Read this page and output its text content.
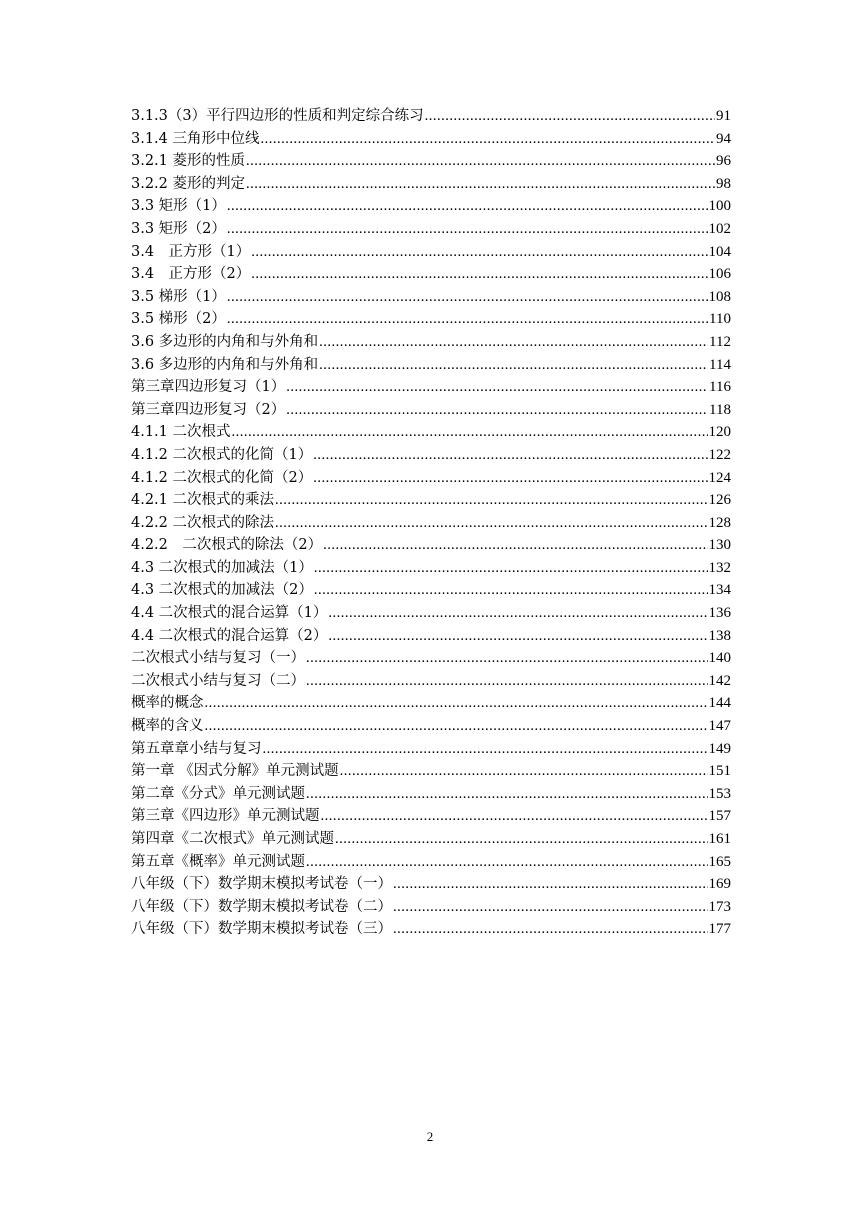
3.1.3（3）平行四边形的性质和判定综合练习 .....	91
3.1.4 三角形中位线 .....	94
3.2.1 菱形的性质 .....	96
3.2.2 菱形的判定 .....	98
3.3 矩形（1） .....	100
3.3 矩形（2） .....	102
3.4　正方形（1） .....	104
3.4　正方形（2） .....	106
3.5 梯形（1） .....	108
3.5 梯形（2） .....	110
3.6 多边形的内角和与外角和 .....	112
3.6 多边形的内角和与外角和 .....	114
第三章四边形复习（1） .....	116
第三章四边形复习（2） .....	118
4.1.1 二次根式 .....	120
4.1.2 二次根式的化简（1） .....	122
4.1.2 二次根式的化简（2） .....	124
4.2.1 二次根式的乘法 .....	126
4.2.2 二次根式的除法 .....	128
4.2.2　二次根式的除法（2） .....	130
4.3 二次根式的加减法（1） .....	132
4.3 二次根式的加减法（2） .....	134
4.4 二次根式的混合运算（1） .....	136
4.4 二次根式的混合运算（2） .....	138
二次根式小结与复习（一） .....	140
二次根式小结与复习（二） .....	142
概率的概念 .....	144
概率的含义 .....	147
第五章章小结与复习 .....	149
第一章 《因式分解》单元测试题 .....	151
第二章《分式》单元测试题 .....	153
第三章《四边形》单元测试题 .....	157
第四章《二次根式》单元测试题 .....	161
第五章《概率》单元测试题 .....	165
八年级（下）数学期末模拟考试卷（一） .....	169
八年级（下）数学期末模拟考试卷（二） .....	173
八年级（下）数学期末模拟考试卷（三） .....	177
2
